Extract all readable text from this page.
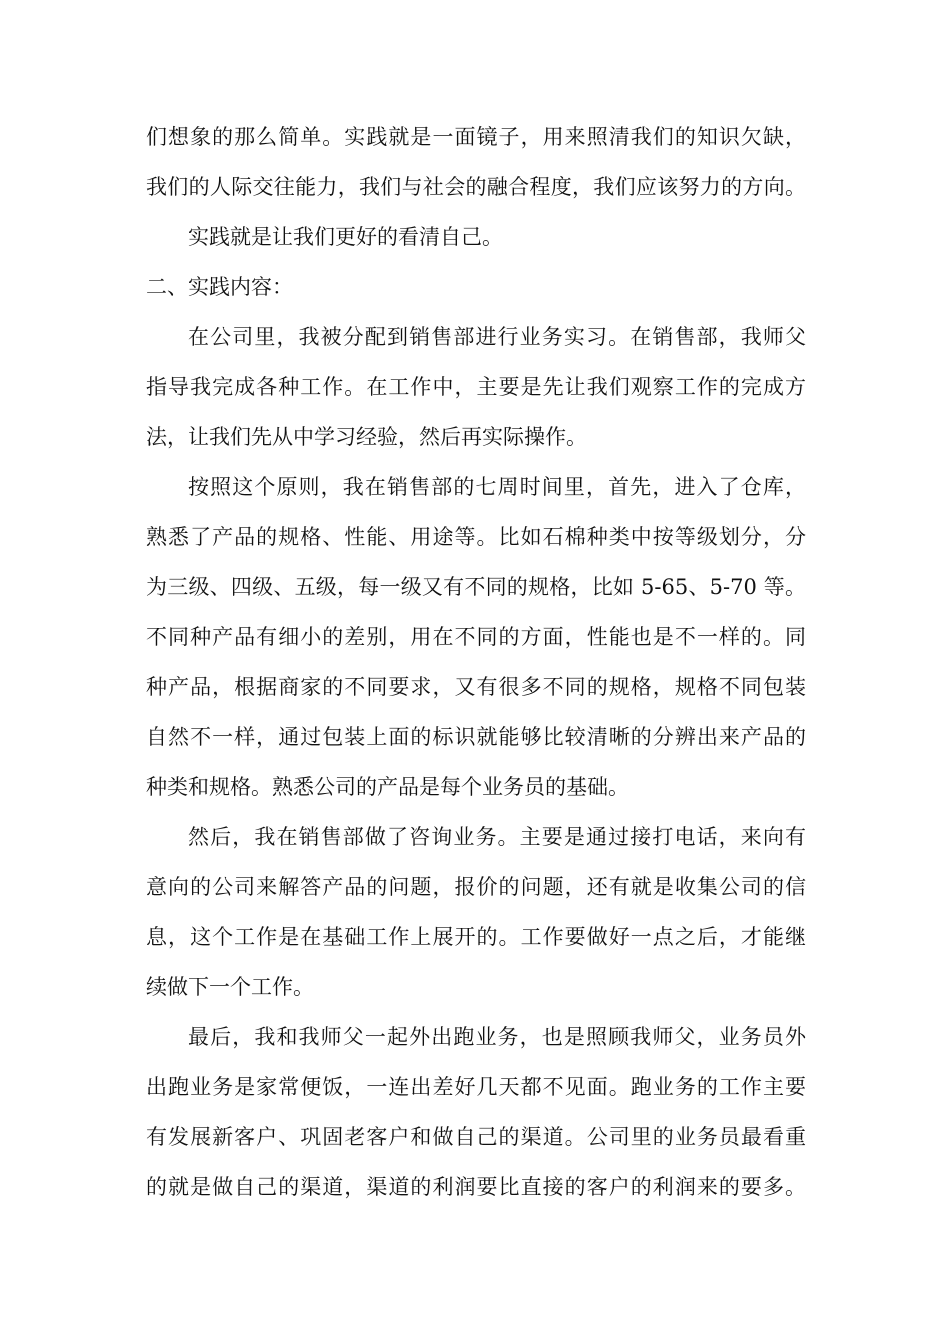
们想象的那么简单。实践就是一面镜子，用来照清我们的知识欠缺，
我们的人际交往能力，我们与社会的融合程度，我们应该努力的方向。
实践就是让我们更好的看清自己。
二、实践内容：
在公司里，我被分配到销售部进行业务实习。在销售部，我师父
指导我完成各种工作。在工作中，主要是先让我们观察工作的完成方
法，让我们先从中学习经验，然后再实际操作。
按照这个原则，我在销售部的七周时间里，首先，进入了仓库，
熟悉了产品的规格、性能、用途等。比如石棉种类中按等级划分，分
为三级、四级、五级，每一级又有不同的规格，比如 5-65、5-70 等。
不同种产品有细小的差别，用在不同的方面，性能也是不一样的。同
种产品，根据商家的不同要求，又有很多不同的规格，规格不同包装
自然不一样，通过包装上面的标识就能够比较清晰的分辨出来产品的
种类和规格。熟悉公司的产品是每个业务员的基础。
然后，我在销售部做了咨询业务。主要是通过接打电话，来向有
意向的公司来解答产品的问题，报价的问题，还有就是收集公司的信
息，这个工作是在基础工作上展开的。工作要做好一点之后，才能继
续做下一个工作。
最后，我和我师父一起外出跑业务，也是照顾我师父，业务员外
出跑业务是家常便饭，一连出差好几天都不见面。跑业务的工作主要
有发展新客户、巩固老客户和做自己的渠道。公司里的业务员最看重
的就是做自己的渠道，渠道的利润要比直接的客户的利润来的要多。
